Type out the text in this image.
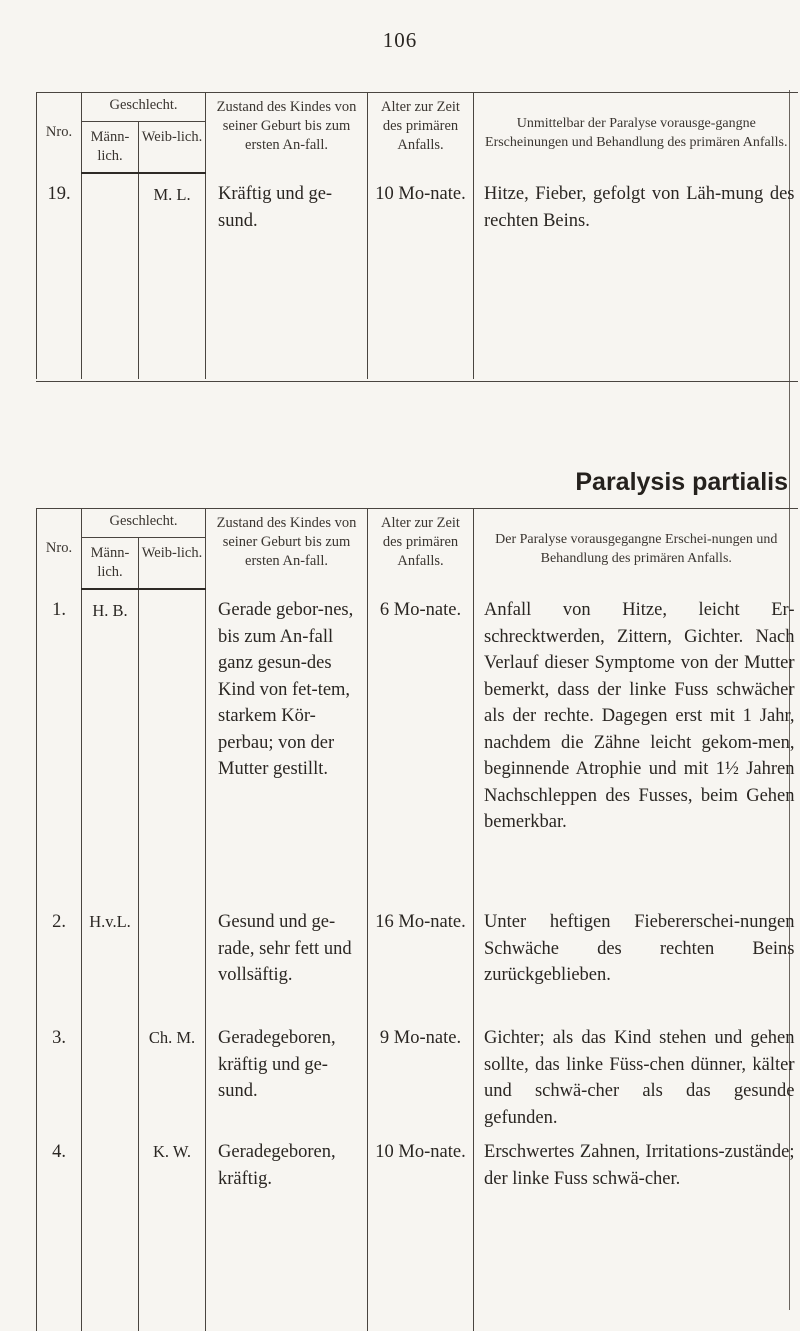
106
Nro.	Geschlecht.		Zustand des Kindes von seiner Geburt bis zum ersten An-fall.	Alter zur Zeit des primären Anfalls.	Unmittelbar der Paralyse vorausge-gangne Erscheinungen und Behandlung des primären Anfalls.
	Männ-lich.	Weib-lich.			
19.		M. L.	Kräftig und ge-sund.	10 Mo-nate.	Hitze, Fieber, gefolgt von Läh-mung des rechten Beins.
Paralysis partialis
Nro.	Geschlecht.		Zustand des Kindes von seiner Geburt bis zum ersten An-fall.	Alter zur Zeit des primären Anfalls.	Der Paralyse vorausgegangne Erschei-nungen und Behandlung des primären Anfalls.
	Männ-lich.	Weib-lich.			
1.	H. B.		Gerade gebor-nes, bis zum An-fall ganz gesun-des Kind von fet-tem, starkem Kör-perbau; von der Mutter gestillt.	6 Mo-nate.	Anfall von Hitze, leicht Er-schrecktwerden, Zittern, Gichter. Nach Verlauf dieser Symptome von der Mutter bemerkt, dass der linke Fuss schwächer als der rechte. Dagegen erst mit 1 Jahr, nachdem die Zähne leicht gekom-men, beginnende Atrophie und mit 1½ Jahren Nachschleppen des Fusses, beim Gehen bemerkbar.
2.	H.v.L.		Gesund und ge-rade, sehr fett und vollsäftig.	16 Mo-nate.	Unter heftigen Fiebererschei-nungen Schwäche des rechten Beins zurückgeblieben.
3.		Ch. M.	Geradegeboren, kräftig und ge-sund.	9 Mo-nate.	Gichter; als das Kind stehen und gehen sollte, das linke Füss-chen dünner, kälter und schwä-cher als das gesunde gefunden.
4.		K. W.	Geradegeboren, kräftig.	10 Mo-nate.	Erschwertes Zahnen, Irritations-zustände; der linke Fuss schwä-cher.
